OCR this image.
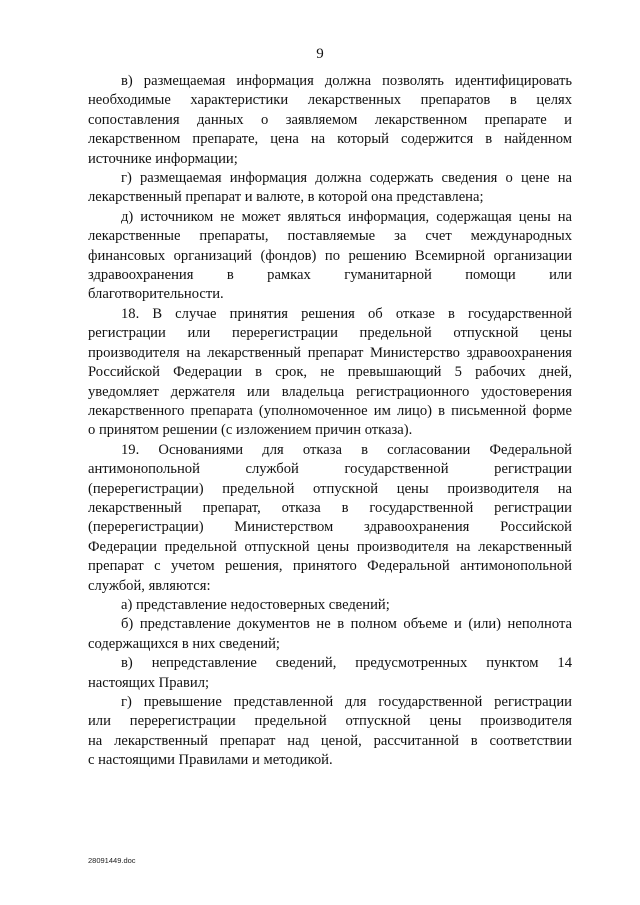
9

в) размещаемая информация должна позволять идентифицировать
необходимые характеристики лекарственных препаратов в целях
сопоставления данных о заявляемом лекарственном препарате и
лекарственном препарате, цена на который содержится в найденном
источнике информации;

г) размещаемая информация должна содержать сведения о цене на
лекарственный препарат и валюте, в которой она представлена;

д) источником не может являться информация, содержащая цены на
лекарственные препараты, поставляемые за счет международных
финансовых организаций (фондов) по решению Всемирной организации
здравоохранения в рамках гуманитарной помощи или
благотворительности.

18. В случае принятия решения об отказе в государственной
регистрации или перерегистрации предельной отпускной цены
производителя на лекарственный препарат Министерство здравоохранения
Российской Федерации в срок, не превышающий 5 рабочих дней,
уведомляет держателя или владельца регистрационного удостоверения
лекарственного препарата (уполномоченное им лицо) в письменной форме
о принятом решении (с изложением причин отказа).

19. Основаниями для отказа в согласовании Федеральной
антимонопольной службой государственной регистрации
(перерегистрации) предельной отпускной цены производителя на
лекарственный препарат, отказа в государственной регистрации
(перерегистрации) Министерством здравоохранения Российской
Федерации предельной отпускной цены производителя на лекарственный
препарат с учетом решения, принятого Федеральной антимонопольной
службой, являются:

а) представление недостоверных сведений;

б) представление документов не в полном объеме и (или) неполнота
содержащихся в них сведений;

в) непредставление сведений, предусмотренных пунктом 14
настоящих Правил;

г) превышение представленной для государственной регистрации
или перерегистрации предельной отпускной цены производителя
на лекарственный препарат над ценой, рассчитанной в соответствии
с настоящими Правилами и методикой.

28091449.doc
